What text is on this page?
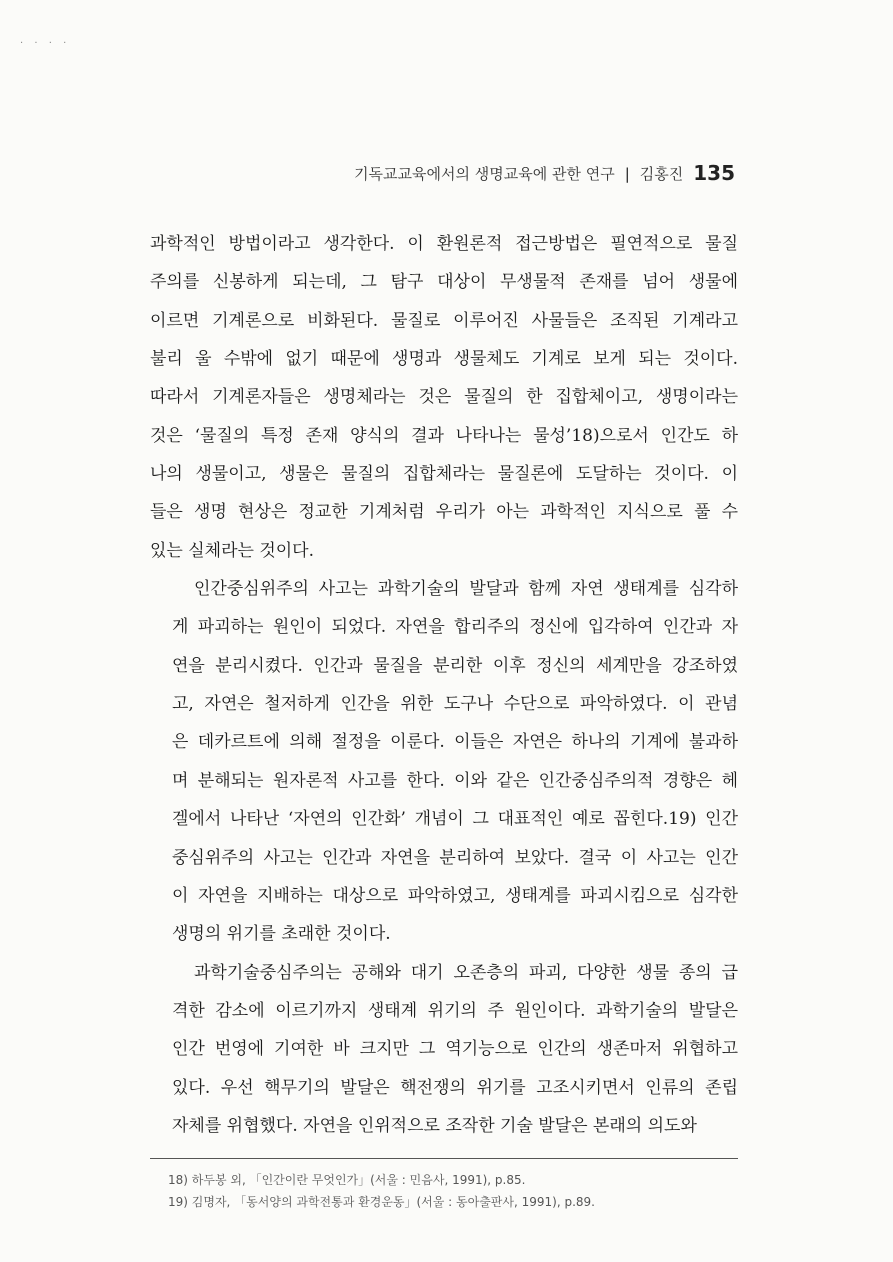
· · · ·
기독교교육에서의 생명교육에 관한 연구 | 김홍진 135

과학적인 방법이라고 생각한다. 이 환원론적 접근방법은 필연적으로 물질
주의를 신봉하게 되는데, 그 탐구 대상이 무생물적 존재를 넘어 생물에
이르면 기계론으로 비화된다. 물질로 이루어진 사물들은 조직된 기계라고
불리 울 수밖에 없기 때문에 생명과 생물체도 기계로 보게 되는 것이다.
따라서 기계론자들은 생명체라는 것은 물질의 한 집합체이고, 생명이라는
것은 ‘물질의 특정 존재 양식의 결과 나타나는 물성’18)으로서 인간도 하
나의 생물이고, 생물은 물질의 집합체라는 물질론에 도달하는 것이다. 이
들은 생명 현상은 정교한 기계처럼 우리가 아는 과학적인 지식으로 풀 수
있는 실체라는 것이다.

인간중심위주의 사고는 과학기술의 발달과 함께 자연 생태계를 심각하
게 파괴하는 원인이 되었다. 자연을 합리주의 정신에 입각하여 인간과 자
연을 분리시켰다. 인간과 물질을 분리한 이후 정신의 세계만을 강조하였
고, 자연은 철저하게 인간을 위한 도구나 수단으로 파악하였다. 이 관념
은 데카르트에 의해 절정을 이룬다. 이들은 자연은 하나의 기계에 불과하
며 분해되는 원자론적 사고를 한다. 이와 같은 인간중심주의적 경향은 헤
겔에서 나타난 ‘자연의 인간화’ 개념이 그 대표적인 예로 꼽힌다.19) 인간
중심위주의 사고는 인간과 자연을 분리하여 보았다. 결국 이 사고는 인간
이 자연을 지배하는 대상으로 파악하였고, 생태계를 파괴시킴으로 심각한
생명의 위기를 초래한 것이다.

과학기술중심주의는 공해와 대기 오존층의 파괴, 다양한 생물 종의 급
격한 감소에 이르기까지 생태계 위기의 주 원인이다. 과학기술의 발달은
인간 번영에 기여한 바 크지만 그 역기능으로 인간의 생존마저 위협하고
있다. 우선 핵무기의 발달은 핵전쟁의 위기를 고조시키면서 인류의 존립
자체를 위협했다. 자연을 인위적으로 조작한 기술 발달은 본래의 의도와

18) 하두봉 외, 「인간이란 무엇인가」(서울 : 민음사, 1991), p.85.

19) 김명자, 「동서양의 과학전통과 환경운동」(서울 : 동아출판사, 1991), p.89.
